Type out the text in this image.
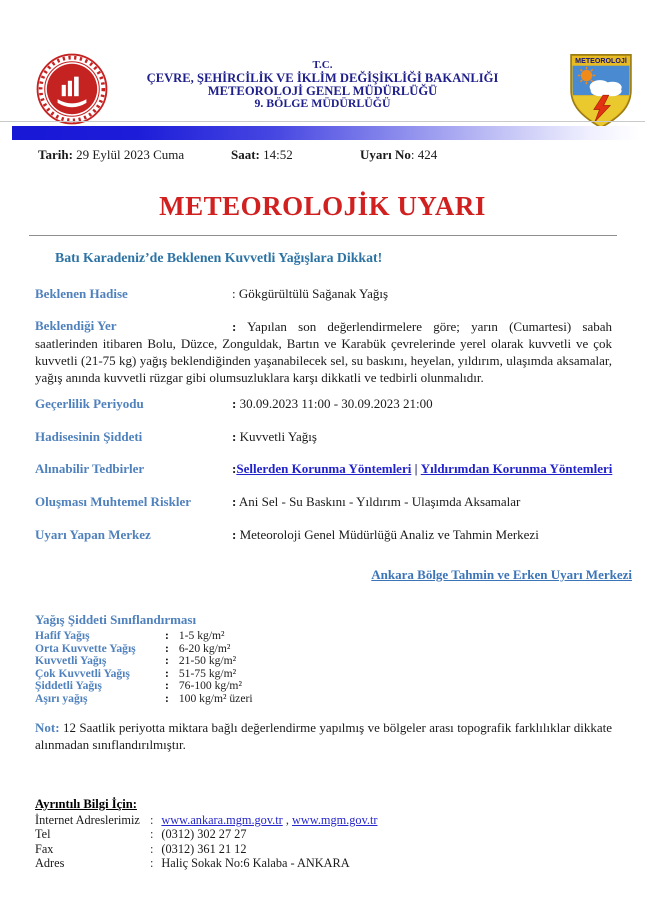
T.C.
ÇEVRE, ŞEHİRCİLİK VE İKLİM DEĞİŞİKLİĞİ BAKANLIĞI
METEOROLOJİ GENEL MÜDÜRLÜĞÜ
9. BÖLGE MÜDÜRLÜĞÜ
METEOROLOJİ
Tarih: 29 Eylül 2023 Cuma	Saat: 14:52	Uyarı No: 424
METEOROLOJİK UYARI
Batı Karadeniz’de Beklenen Kuvvetli Yağışlara Dikkat!
Beklenen Hadise	: Gökgürültülü Sağanak Yağış
Beklendiği Yer	: Yapılan son değerlendirmelere göre; yarın (Cumartesi) sabah saatlerinden itibaren Bolu, Düzce, Zonguldak, Bartın ve Karabük çevrelerinde yerel olarak kuvvetli ve çok kuvvetli (21-75 kg) yağış beklendiğinden yaşanabilecek sel, su baskını, heyelan, yıldırım, ulaşımda aksamalar, yağış anında kuvvetli rüzgar gibi olumsuzluklara karşı dikkatli ve tedbirli olunmalıdır.

Geçerlilik Periyodu	: 30.09.2023 11:00 - 30.09.2023 21:00
Hadisesinin Şiddeti	: Kuvvetli Yağış
Alınabilir Tedbirler	:Sellerden Korunma Yöntemleri | Yıldırımdan Korunma Yöntemleri
Oluşması Muhtemel Riskler	: Ani Sel - Su Baskını - Yıldırım - Ulaşımda Aksamalar
Uyarı Yapan Merkez	: Meteoroloji Genel Müdürlüğü Analiz ve Tahmin Merkezi
Ankara Bölge Tahmin ve Erken Uyarı Merkezi
Yağış Şiddeti Sınıflandırması
Hafif Yağış	: 1-5 kg/m²
Orta Kuvvette Yağış	: 6-20 kg/m²
Kuvvetli Yağış	: 21-50 kg/m²
Çok Kuvvetli Yağış	: 51-75 kg/m²
Şiddetli Yağış	: 76-100 kg/m²
Aşırı yağış	: 100 kg/m² üzeri
Not: 12 Saatlik periyotta miktara bağlı değerlendirme yapılmış ve bölgeler arası topografik farklılıklar dikkate alınmadan sınıflandırılmıştır.
Ayrıntılı Bilgi İçin:
İnternet Adreslerimiz : www.ankara.mgm.gov.tr , www.mgm.gov.tr
Tel	: (0312) 302 27 27
Fax	: (0312) 361 21 12
Adres	: Haliç Sokak No:6 Kalaba - ANKARA
